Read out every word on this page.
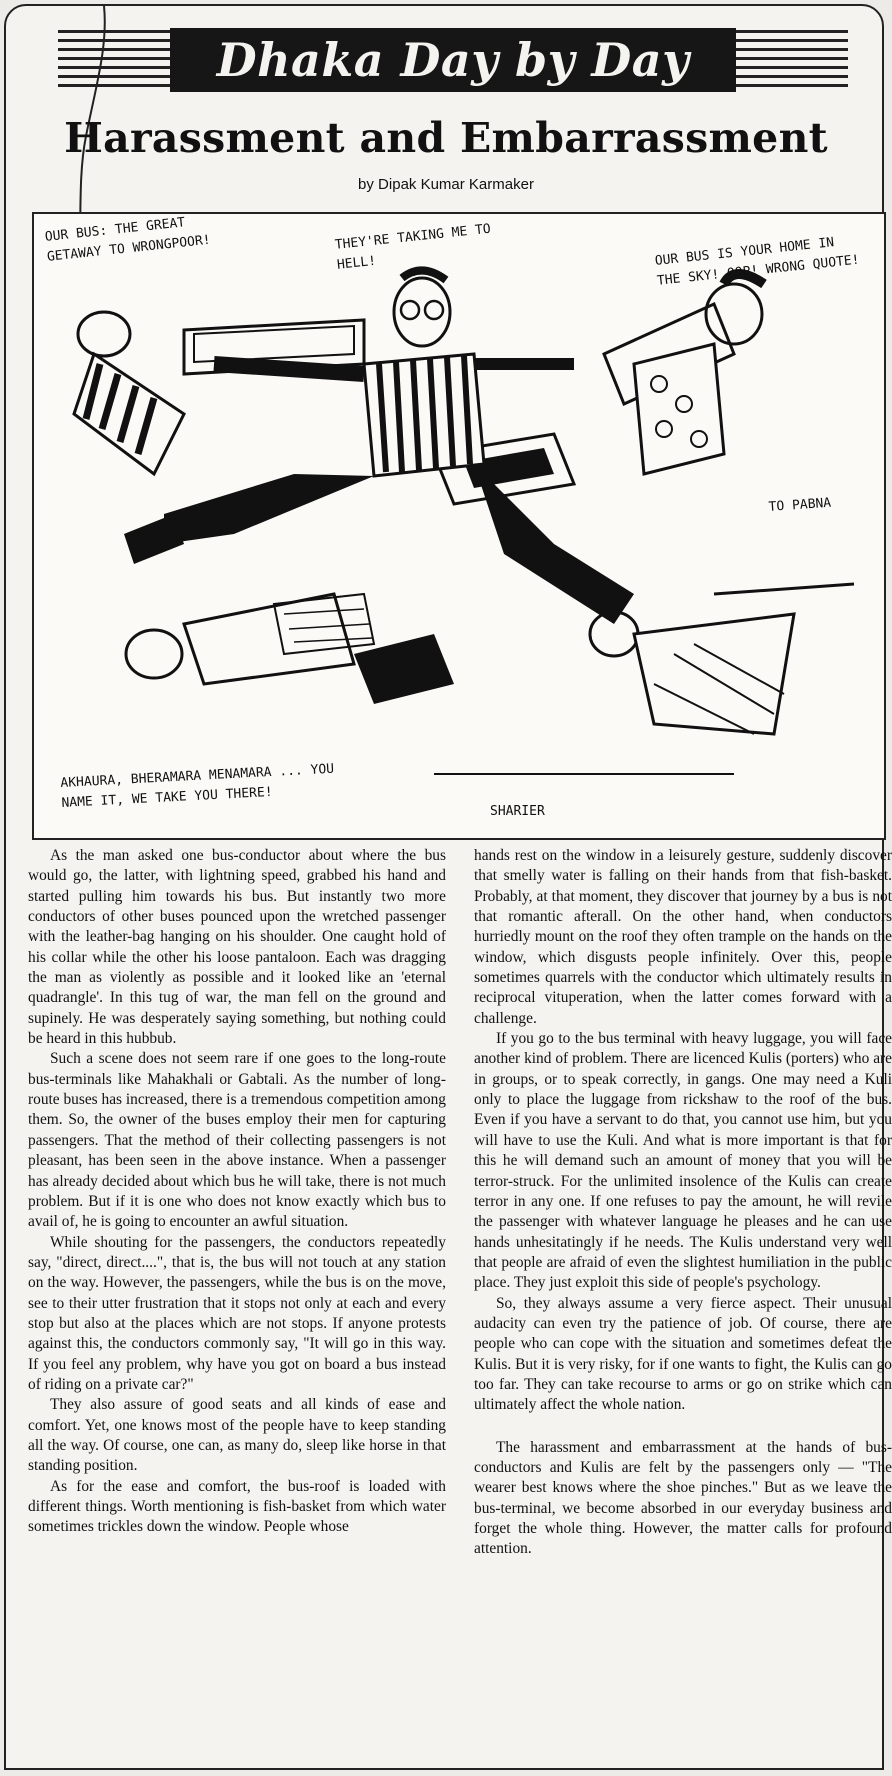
Dhaka Day by Day
Harassment and Embarrassment
by Dipak Kumar Karmaker
OUR BUS: THE GREAT GETAWAY TO WRONGPOOR!	THEY'RE TAKING ME TO HELL!	OUR BUS IS YOUR HOME IN THE SKY! OOP! WRONG QUOTE!
TO PABNA
AKHAURA, BHERAMARA MENAMARA ... YOU NAME IT, WE TAKE YOU THERE!
SHARIER

As the man asked one bus-conductor about where the bus would go, the latter, with lightning speed, grabbed his hand and started pulling him towards his bus. But instantly two more conductors of other buses pounced upon the wretched passenger with the leather-bag hanging on his shoulder. One caught hold of his collar while the other his loose pantaloon. Each was dragging the man as violently as possible and it looked like an 'eternal quadrangle'. In this tug of war, the man fell on the ground and supinely. He was desperately saying something, but nothing could be heard in this hubbub.

Such a scene does not seem rare if one goes to the long-route bus-terminals like Mahakhali or Gabtali. As the number of long-route buses has increased, there is a tremendous competition among them. So, the owner of the buses employ their men for capturing passengers. That the method of their collecting passengers is not pleasant, has been seen in the above instance. When a passenger has already decided about which bus he will take, there is not much problem. But if it is one who does not know exactly which bus to avail of, he is going to encounter an awful situation.

While shouting for the passengers, the conductors repeatedly say, "direct, direct....", that is, the bus will not touch at any station on the way. However, the passengers, while the bus is on the move, see to their utter frustration that it stops not only at each and every stop but also at the places which are not stops. If anyone protests against this, the conductors commonly say, "It will go in this way. If you feel any problem, why have you got on board a bus instead of riding on a private car?"

They also assure of good seats and all kinds of ease and comfort. Yet, one knows most of the people have to keep standing all the way. Of course, one can, as many do, sleep like horse in that standing position.

As for the ease and comfort, the bus-roof is loaded with different things. Worth mentioning is fish-basket from which water sometimes trickles down the window. People whose

hands rest on the window in a leisurely gesture, suddenly discover that smelly water is falling on their hands from that fish-basket. Probably, at that moment, they discover that journey by a bus is not that romantic afterall. On the other hand, when conductors hurriedly mount on the roof they often trample on the hands on the window, which disgusts people infinitely. Over this, people sometimes quarrels with the conductor which ultimately results in reciprocal vituperation, when the latter comes forward with a challenge.

If you go to the bus terminal with heavy luggage, you will face another kind of problem. There are licenced Kulis (porters) who are in groups, or to speak correctly, in gangs. One may need a Kuli only to place the luggage from rickshaw to the roof of the bus. Even if you have a servant to do that, you cannot use him, but you will have to use the Kuli. And what is more important is that for this he will demand such an amount of money that you will be terror-struck. For the unlimited insolence of the Kulis can create terror in any one. If one refuses to pay the amount, he will revile the passenger with whatever language he pleases and he can use hands unhesitatingly if he needs. The Kulis understand very well that people are afraid of even the slightest humiliation in the public place. They just exploit this side of people's psychology.

So, they always assume a very fierce aspect. Their unusual audacity can even try the patience of job. Of course, there are people who can cope with the situation and sometimes defeat the Kulis. But it is very risky, for if one wants to fight, the Kulis can go too far. They can take recourse to arms or go on strike which can ultimately affect the whole nation.

The harassment and embarrassment at the hands of bus-conductors and Kulis are felt by the passengers only — "The wearer best knows where the shoe pinches." But as we leave the bus-terminal, we become absorbed in our everyday business and forget the whole thing. However, the matter calls for profound attention.
